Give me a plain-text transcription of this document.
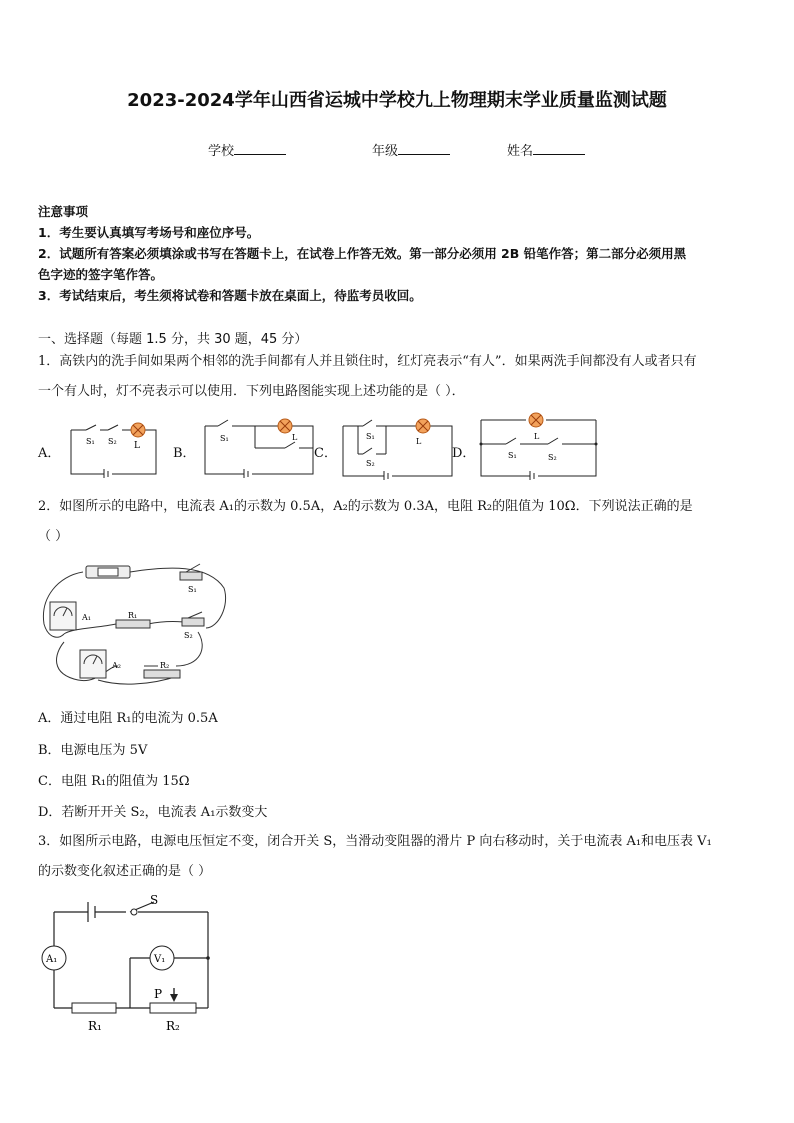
2023-2024学年山西省运城中学校九上物理期末学业质量监测试题
学校	年级	姓名
注意事项
1．考生要认真填写考场号和座位序号。
2．试题所有答案必须填涂或书写在答题卡上，在试卷上作答无效。第一部分必须用 2B 铅笔作答；第二部分必须用黑
色字迹的签字笔作答。
3．考试结束后，考生须将试卷和答题卡放在桌面上，待监考员收回。
一、选择题（每题 1.5 分，共 30 题，45 分）
1．高铁内的洗手间如果两个相邻的洗手间都有人并且锁住时，红灯亮表示“有人”．如果两洗手间都没有人或者只有
一个有人时，灯不亮表示可以使用．下列电路图能实现上述功能的是（ ）．
A．	B．	C．	D．
S₁ S₂ L
S₁	L	S₁
S₂
L
L
S₁	S₂
2．如图所示的电路中，电流表 A₁的示数为 0.5A，A₂的示数为 0.3A，电阻 R₂的阻值为 10Ω．下列说法正确的是
（ ）
S₁
A₁	R₁
S₂
A₂	R₂
A．通过电阻 R₁的电流为 0.5A
B．电源电压为 5V
C．电阻 R₁的阻值为 15Ω
D．若断开开关 S₂，电流表 A₁示数变大
3．如图所示电路，电源电压恒定不变，闭合开关 S，当滑动变阻器的滑片 P 向右移动时，关于电流表 A₁和电压表 V₁
的示数变化叙述正确的是（ ）
S
A₁	V₁
P
R₁	R₂
